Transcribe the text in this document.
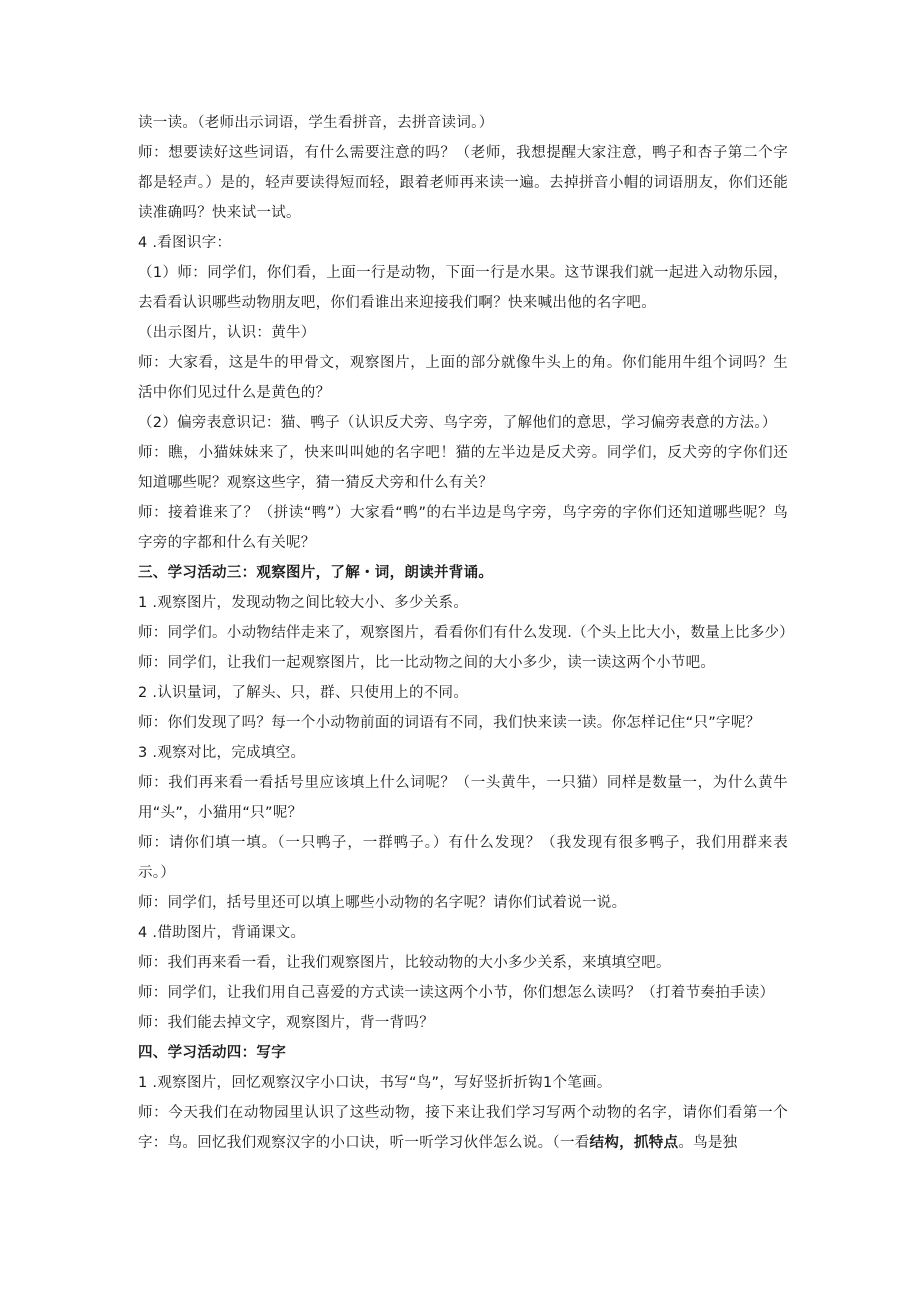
读一读。（老师出示词语，学生看拼音，去拼音读词。）

师：想要读好这些词语，有什么需要注意的吗？（老师，我想提醒大家注意，鸭子和杏子第二个字都是轻声。）是的，轻声要读得短而轻，跟着老师再来读一遍。去掉拼音小帽的词语朋友，你们还能读准确吗？快来试一试。

4 .看图识字：

（1）师：同学们，你们看，上面一行是动物，下面一行是水果。这节课我们就一起进入动物乐园，去看看认识哪些动物朋友吧，你们看谁出来迎接我们啊？快来喊出他的名字吧。

（出示图片，认识：黄牛）

师：大家看，这是牛的甲骨文，观察图片，上面的部分就像牛头上的角。你们能用牛组个词吗？生活中你们见过什么是黄色的？

（2）偏旁表意识记：猫、鸭子（认识反犬旁、鸟字旁，了解他们的意思，学习偏旁表意的方法。）

师：瞧，小猫妹妹来了，快来叫叫她的名字吧！猫的左半边是反犬旁。同学们，反犬旁的字你们还知道哪些呢？观察这些字，猜一猜反犬旁和什么有关？

师：接着谁来了？（拼读“鸭”）大家看“鸭”的右半边是鸟字旁，鸟字旁的字你们还知道哪些呢？鸟字旁的字都和什么有关呢？

三、学习活动三：观察图片，了解・词，朗读并背诵。

1 .观察图片，发现动物之间比较大小、多少关系。

师：同学们。小动物结伴走来了，观察图片，看看你们有什么发现.（个头上比大小，数量上比多少）

师：同学们，让我们一起观察图片，比一比动物之间的大小多少，读一读这两个小节吧。

2 .认识量词，了解头、只，群、只使用上的不同。

师：你们发现了吗？每一个小动物前面的词语有不同，我们快来读一读。你怎样记住“只”字呢？

3 .观察对比，完成填空。

师：我们再来看一看括号里应该填上什么词呢？（一头黄牛，一只猫）同样是数量一，为什么黄牛用“头”，小猫用“只”呢？

师：请你们填一填。（一只鸭子，一群鸭子。）有什么发现？（我发现有很多鸭子，我们用群来表示。）

师：同学们，括号里还可以填上哪些小动物的名字呢？请你们试着说一说。

4 .借助图片，背诵课文。

师：我们再来看一看，让我们观察图片，比较动物的大小多少关系，来填填空吧。

师：同学们，让我们用自己喜爱的方式读一读这两个小节，你们想怎么读吗？（打着节奏拍手读）

师：我们能去掉文字，观察图片，背一背吗？

四、学习活动四：写字

1 .观察图片，回忆观察汉字小口诀，书写“鸟”，写好竖折折钩1个笔画。

师：今天我们在动物园里认识了这些动物，接下来让我们学习写两个动物的名字，请你们看第一个字：鸟。回忆我们观察汉字的小口诀，听一听学习伙伴怎么说。（一看结构，抓特点。鸟是独
